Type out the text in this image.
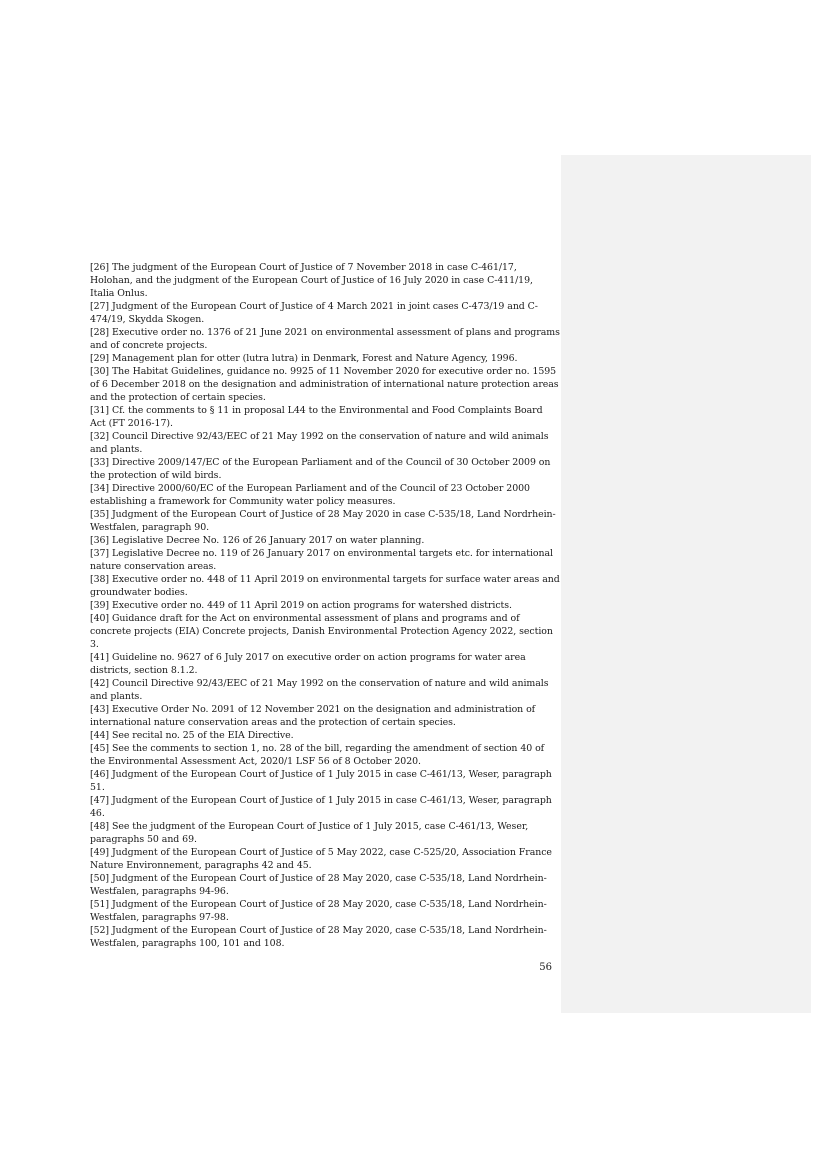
[26] The judgment of the European Court of Justice of 7 November 2018 in case C-461/17, Holohan, and the judgment of the European Court of Justice of 16 July 2020 in case C-411/19, Italia Onlus.
[27] Judgment of the European Court of Justice of 4 March 2021 in joint cases C-473/19 and C-474/19, Skydda Skogen.
[28] Executive order no. 1376 of 21 June 2021 on environmental assessment of plans and programs and of concrete projects.
[29] Management plan for otter (lutra lutra) in Denmark, Forest and Nature Agency, 1996.
[30] The Habitat Guidelines, guidance no. 9925 of 11 November 2020 for executive order no. 1595 of 6 December 2018 on the designation and administration of international nature protection areas and the protection of certain species.
[31] Cf. the comments to § 11 in proposal L44 to the Environmental and Food Complaints Board Act (FT 2016-17).
[32] Council Directive 92/43/EEC of 21 May 1992 on the conservation of nature and wild animals and plants.
[33] Directive 2009/147/EC of the European Parliament and of the Council of 30 October 2009 on the protection of wild birds.
[34] Directive 2000/60/EC of the European Parliament and of the Council of 23 October 2000 establishing a framework for Community water policy measures.
[35] Judgment of the European Court of Justice of 28 May 2020 in case C-535/18, Land Nordrhein-Westfalen, paragraph 90.
[36] Legislative Decree No. 126 of 26 January 2017 on water planning.
[37] Legislative Decree no. 119 of 26 January 2017 on environmental targets etc. for international nature conservation areas.
[38] Executive order no. 448 of 11 April 2019 on environmental targets for surface water areas and groundwater bodies.
[39] Executive order no. 449 of 11 April 2019 on action programs for watershed districts.
[40] Guidance draft for the Act on environmental assessment of plans and programs and of concrete projects (EIA) Concrete projects, Danish Environmental Protection Agency 2022, section 3.
[41] Guideline no. 9627 of 6 July 2017 on executive order on action programs for water area districts, section 8.1.2.
[42] Council Directive 92/43/EEC of 21 May 1992 on the conservation of nature and wild animals and plants.
[43] Executive Order No. 2091 of 12 November 2021 on the designation and administration of international nature conservation areas and the protection of certain species.
[44] See recital no. 25 of the EIA Directive.
[45] See the comments to section 1, no. 28 of the bill, regarding the amendment of section 40 of the Environmental Assessment Act, 2020/1 LSF 56 of 8 October 2020.
[46] Judgment of the European Court of Justice of 1 July 2015 in case C-461/13, Weser, paragraph 51.
[47] Judgment of the European Court of Justice of 1 July 2015 in case C-461/13, Weser, paragraph 46.
[48] See the judgment of the European Court of Justice of 1 July 2015, case C-461/13, Weser, paragraphs 50 and 69.
[49] Judgment of the European Court of Justice of 5 May 2022, case C-525/20, Association France Nature Environnement, paragraphs 42 and 45.
[50] Judgment of the European Court of Justice of 28 May 2020, case C-535/18, Land Nordrhein-Westfalen, paragraphs 94-96.
[51] Judgment of the European Court of Justice of 28 May 2020, case C-535/18, Land Nordrhein-Westfalen, paragraphs 97-98.
[52] Judgment of the European Court of Justice of 28 May 2020, case C-535/18, Land Nordrhein-Westfalen, paragraphs 100, 101 and 108.
56
